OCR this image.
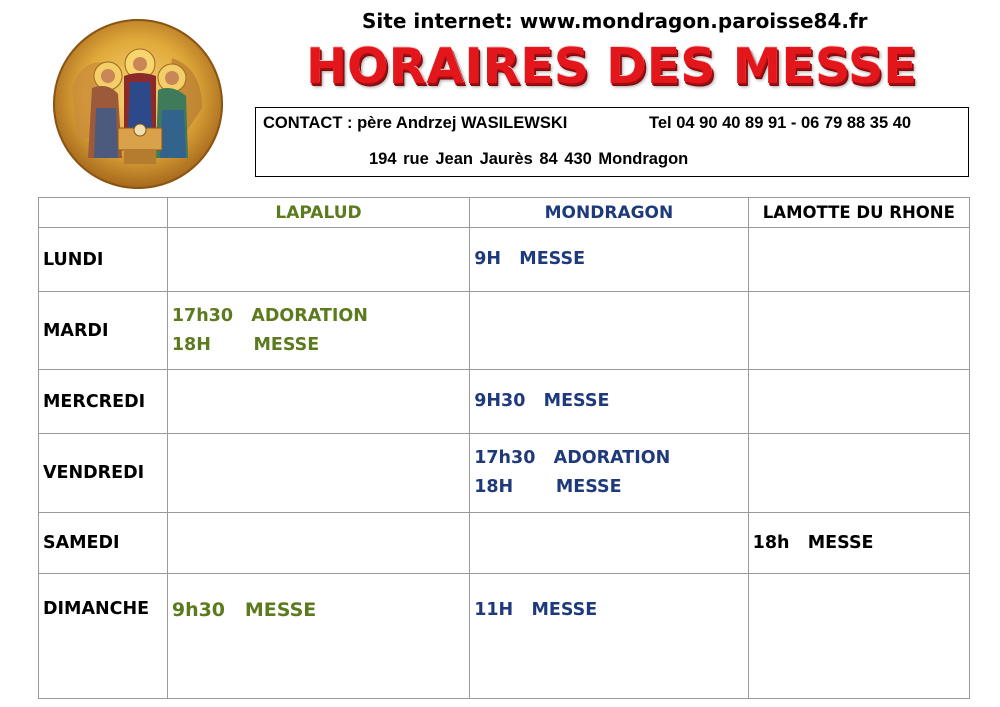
Site internet: www.mondragon.paroisse84.fr
HORAIRES DES MESSE
CONTACT : père Andrzej WASILEWSKI	Tel 04 90 40 89 91 - 06 79 88 35 40
194 rue Jean Jaurès 84 430 Mondragon
	LAPALUD	MONDRAGON	LAMOTTE DU RHONE
LUNDI		9H   MESSE	

MARDI	17h30   ADORATION
18H       MESSE		

MERCREDI		9H30   MESSE	

VENDREDI		17h30   ADORATION
18H       MESSE	

SAMEDI			18h   MESSE

DIMANCHE	9h30   MESSE	11H   MESSE	
